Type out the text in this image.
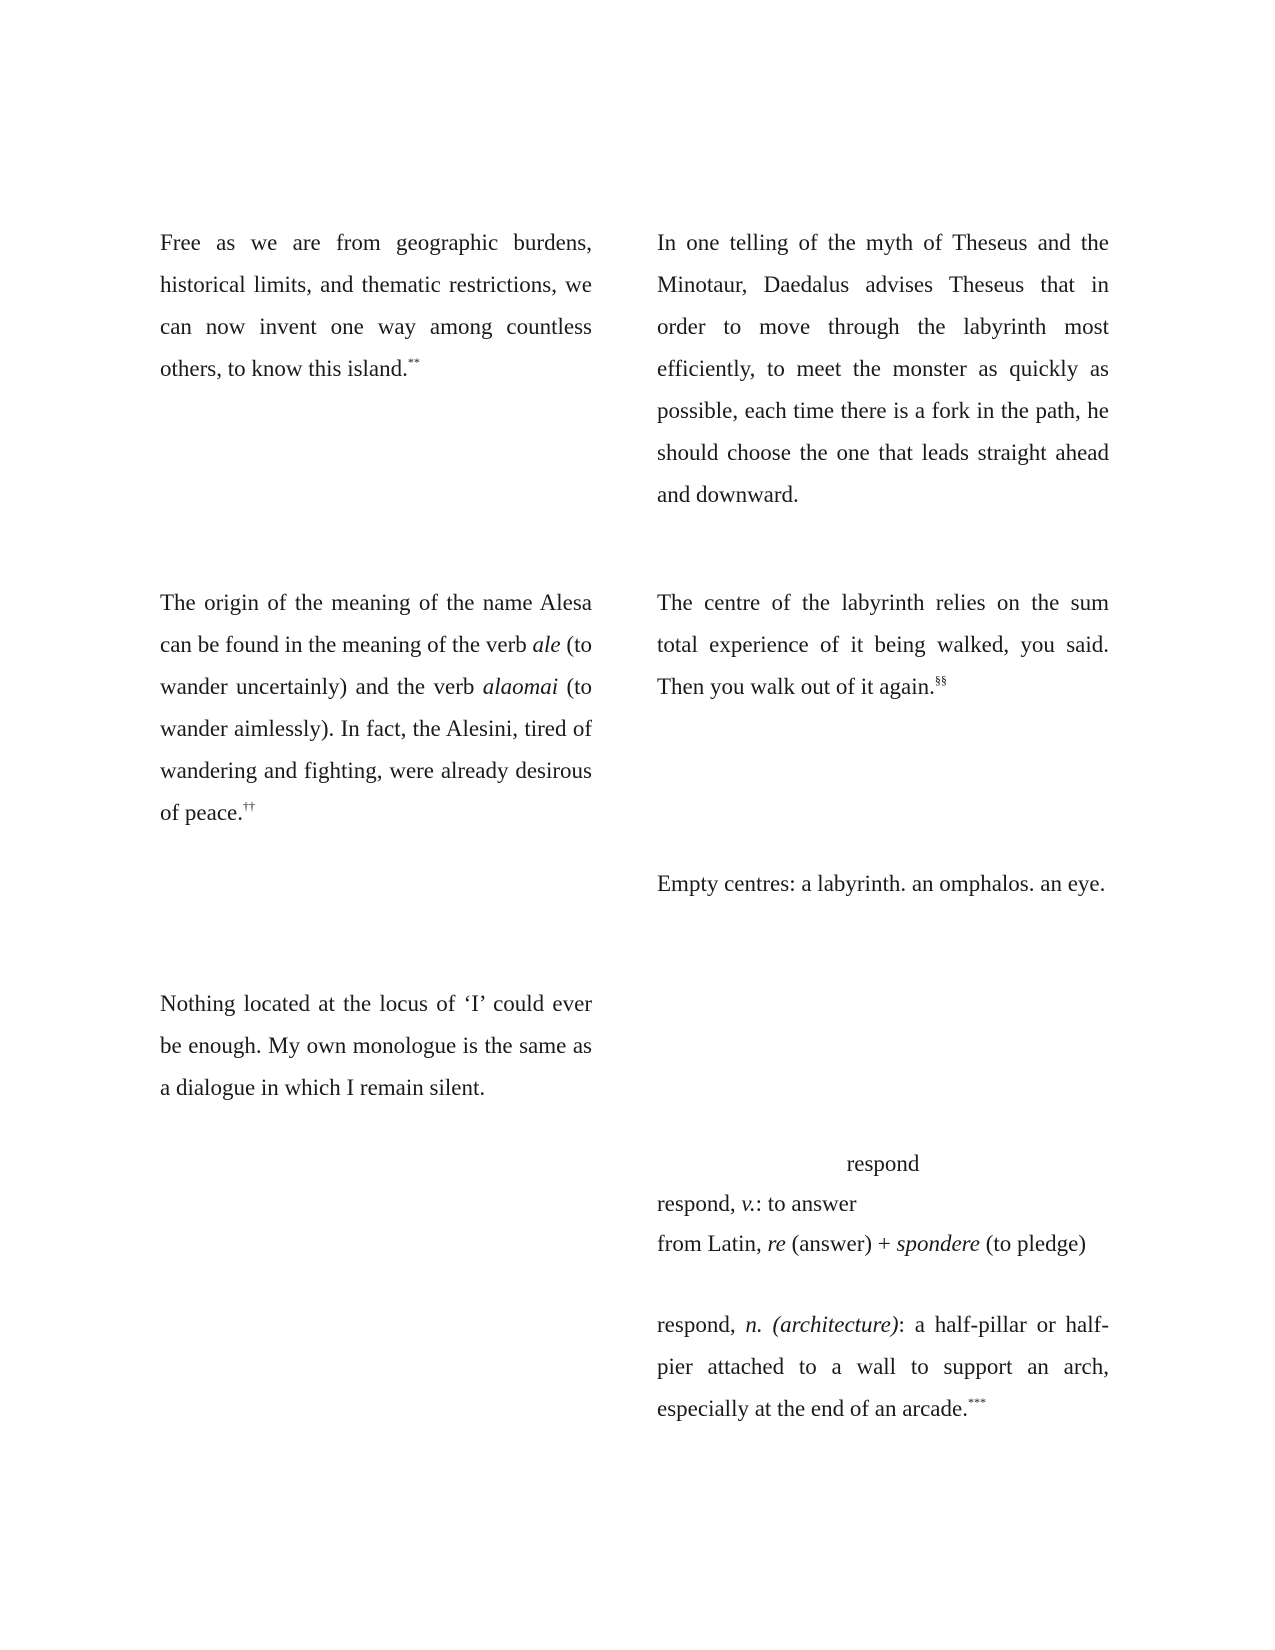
Free as we are from geographic burdens, historical limits, and thematic restrictions, we can now invent one way among countless others, to know this island.**

The origin of the meaning of the name Alesa can be found in the meaning of the verb ale (to wander uncertainly) and the verb alaomai (to wander aimlessly). In fact, the Alesini, tired of wandering and fighting, were already desirous of peace.††

Nothing located at the locus of ‘I’ could ever be enough. My own monologue is the same as a dialogue in which I remain silent.

In one telling of the myth of Theseus and the Minotaur, Daedalus advises Theseus that in order to move through the labyrinth most efficiently, to meet the monster as quickly as possible, each time there is a fork in the path, he should choose the one that leads straight ahead and downward.

The centre of the labyrinth relies on the sum total experience of it being walked, you said. Then you walk out of it again.§§

Empty centres: a labyrinth. an omphalos. an eye.

respond
respond, v.: to answer
from Latin, re (answer) + spondere (to pledge)

respond, n. (architecture): a half-pillar or half-pier attached to a wall to support an arch, especially at the end of an arcade.***
